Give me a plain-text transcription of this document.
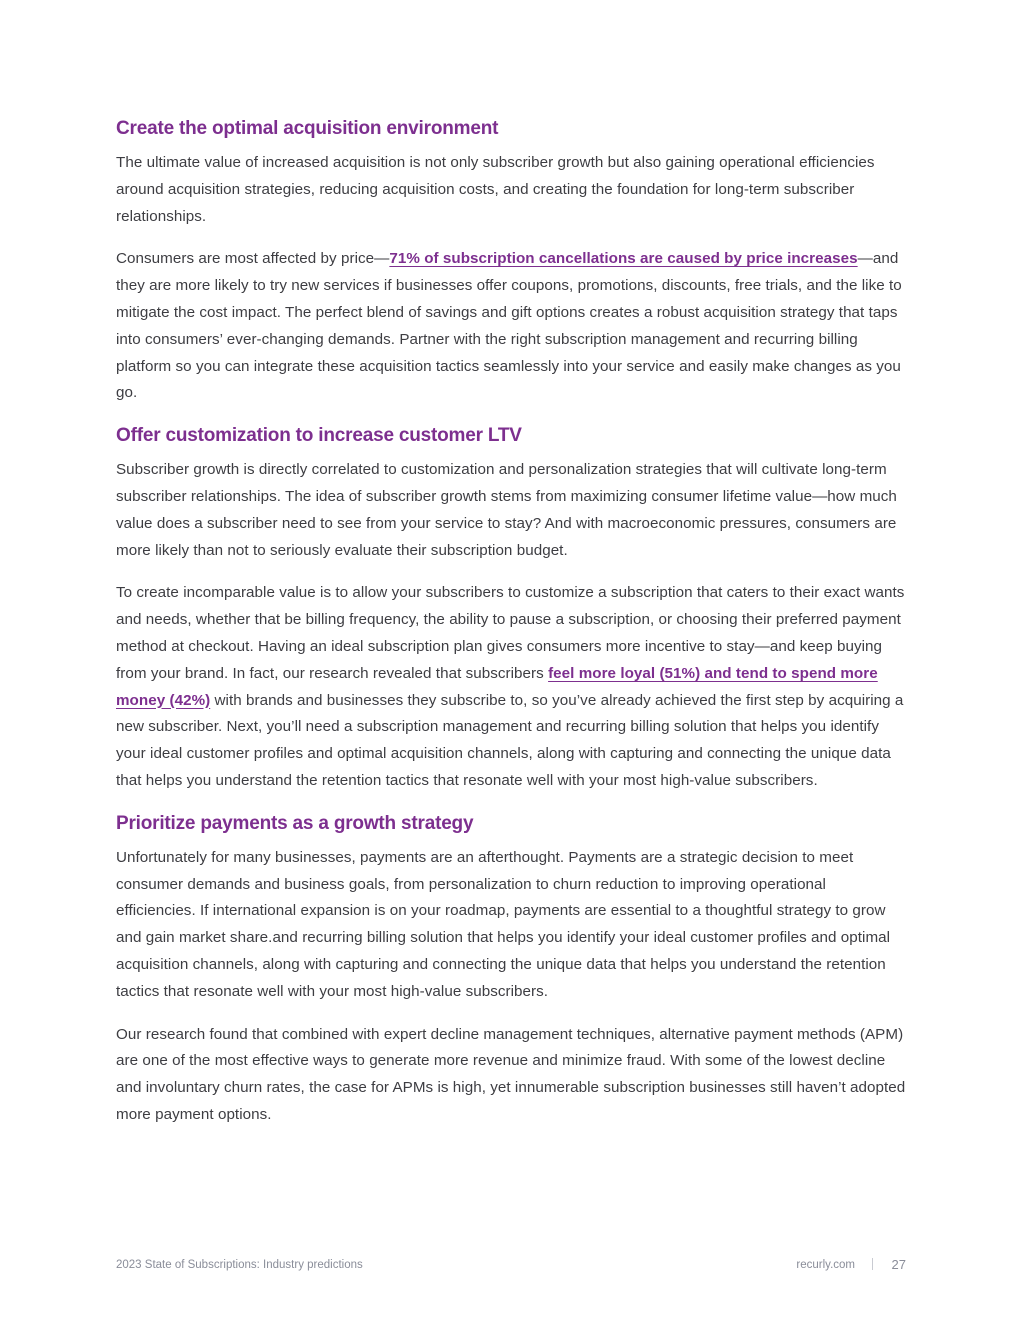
Create the optimal acquisition environment

The ultimate value of increased acquisition is not only subscriber growth but also gaining operational efficiencies around acquisition strategies, reducing acquisition costs, and creating the foundation for long-term subscriber relationships.

Consumers are most affected by price—71% of subscription cancellations are caused by price increases—and they are more likely to try new services if businesses offer coupons, promotions, discounts, free trials, and the like to mitigate the cost impact. The perfect blend of savings and gift options creates a robust acquisition strategy that taps into consumers’ ever-changing demands. Partner with the right subscription management and recurring billing platform so you can integrate these acquisition tactics seamlessly into your service and easily make changes as you go.

Offer customization to increase customer LTV

Subscriber growth is directly correlated to customization and personalization strategies that will cultivate long-term subscriber relationships. The idea of subscriber growth stems from maximizing consumer lifetime value—how much value does a subscriber need to see from your service to stay? And with macroeconomic pressures, consumers are more likely than not to seriously evaluate their subscription budget.

To create incomparable value is to allow your subscribers to customize a subscription that caters to their exact wants and needs, whether that be billing frequency, the ability to pause a subscription, or choosing their preferred payment method at checkout. Having an ideal subscription plan gives consumers more incentive to stay—and keep buying from your brand. In fact, our research revealed that subscribers feel more loyal (51%) and tend to spend more money (42%) with brands and businesses they subscribe to, so you’ve already achieved the first step by acquiring a new subscriber. Next, you’ll need a subscription management and recurring billing solution that helps you identify your ideal customer profiles and optimal acquisition channels, along with capturing and connecting the unique data that helps you understand the retention tactics that resonate well with your most high-value subscribers.

Prioritize payments as a growth strategy

Unfortunately for many businesses, payments are an afterthought. Payments are a strategic decision to meet consumer demands and business goals, from personalization to churn reduction to improving operational efficiencies. If international expansion is on your roadmap, payments are essential to a thoughtful strategy to grow and gain market share.and recurring billing solution that helps you identify your ideal customer profiles and optimal acquisition channels, along with capturing and connecting the unique data that helps you understand the retention tactics that resonate well with your most high-value subscribers.

Our research found that combined with expert decline management techniques, alternative payment methods (APM) are one of the most effective ways to generate more revenue and minimize fraud. With some of the lowest decline and involuntary churn rates, the case for APMs is high, yet innumerable subscription businesses still haven’t adopted more payment options.

2023 State of Subscriptions: Industry predictions	recurly.com	27
